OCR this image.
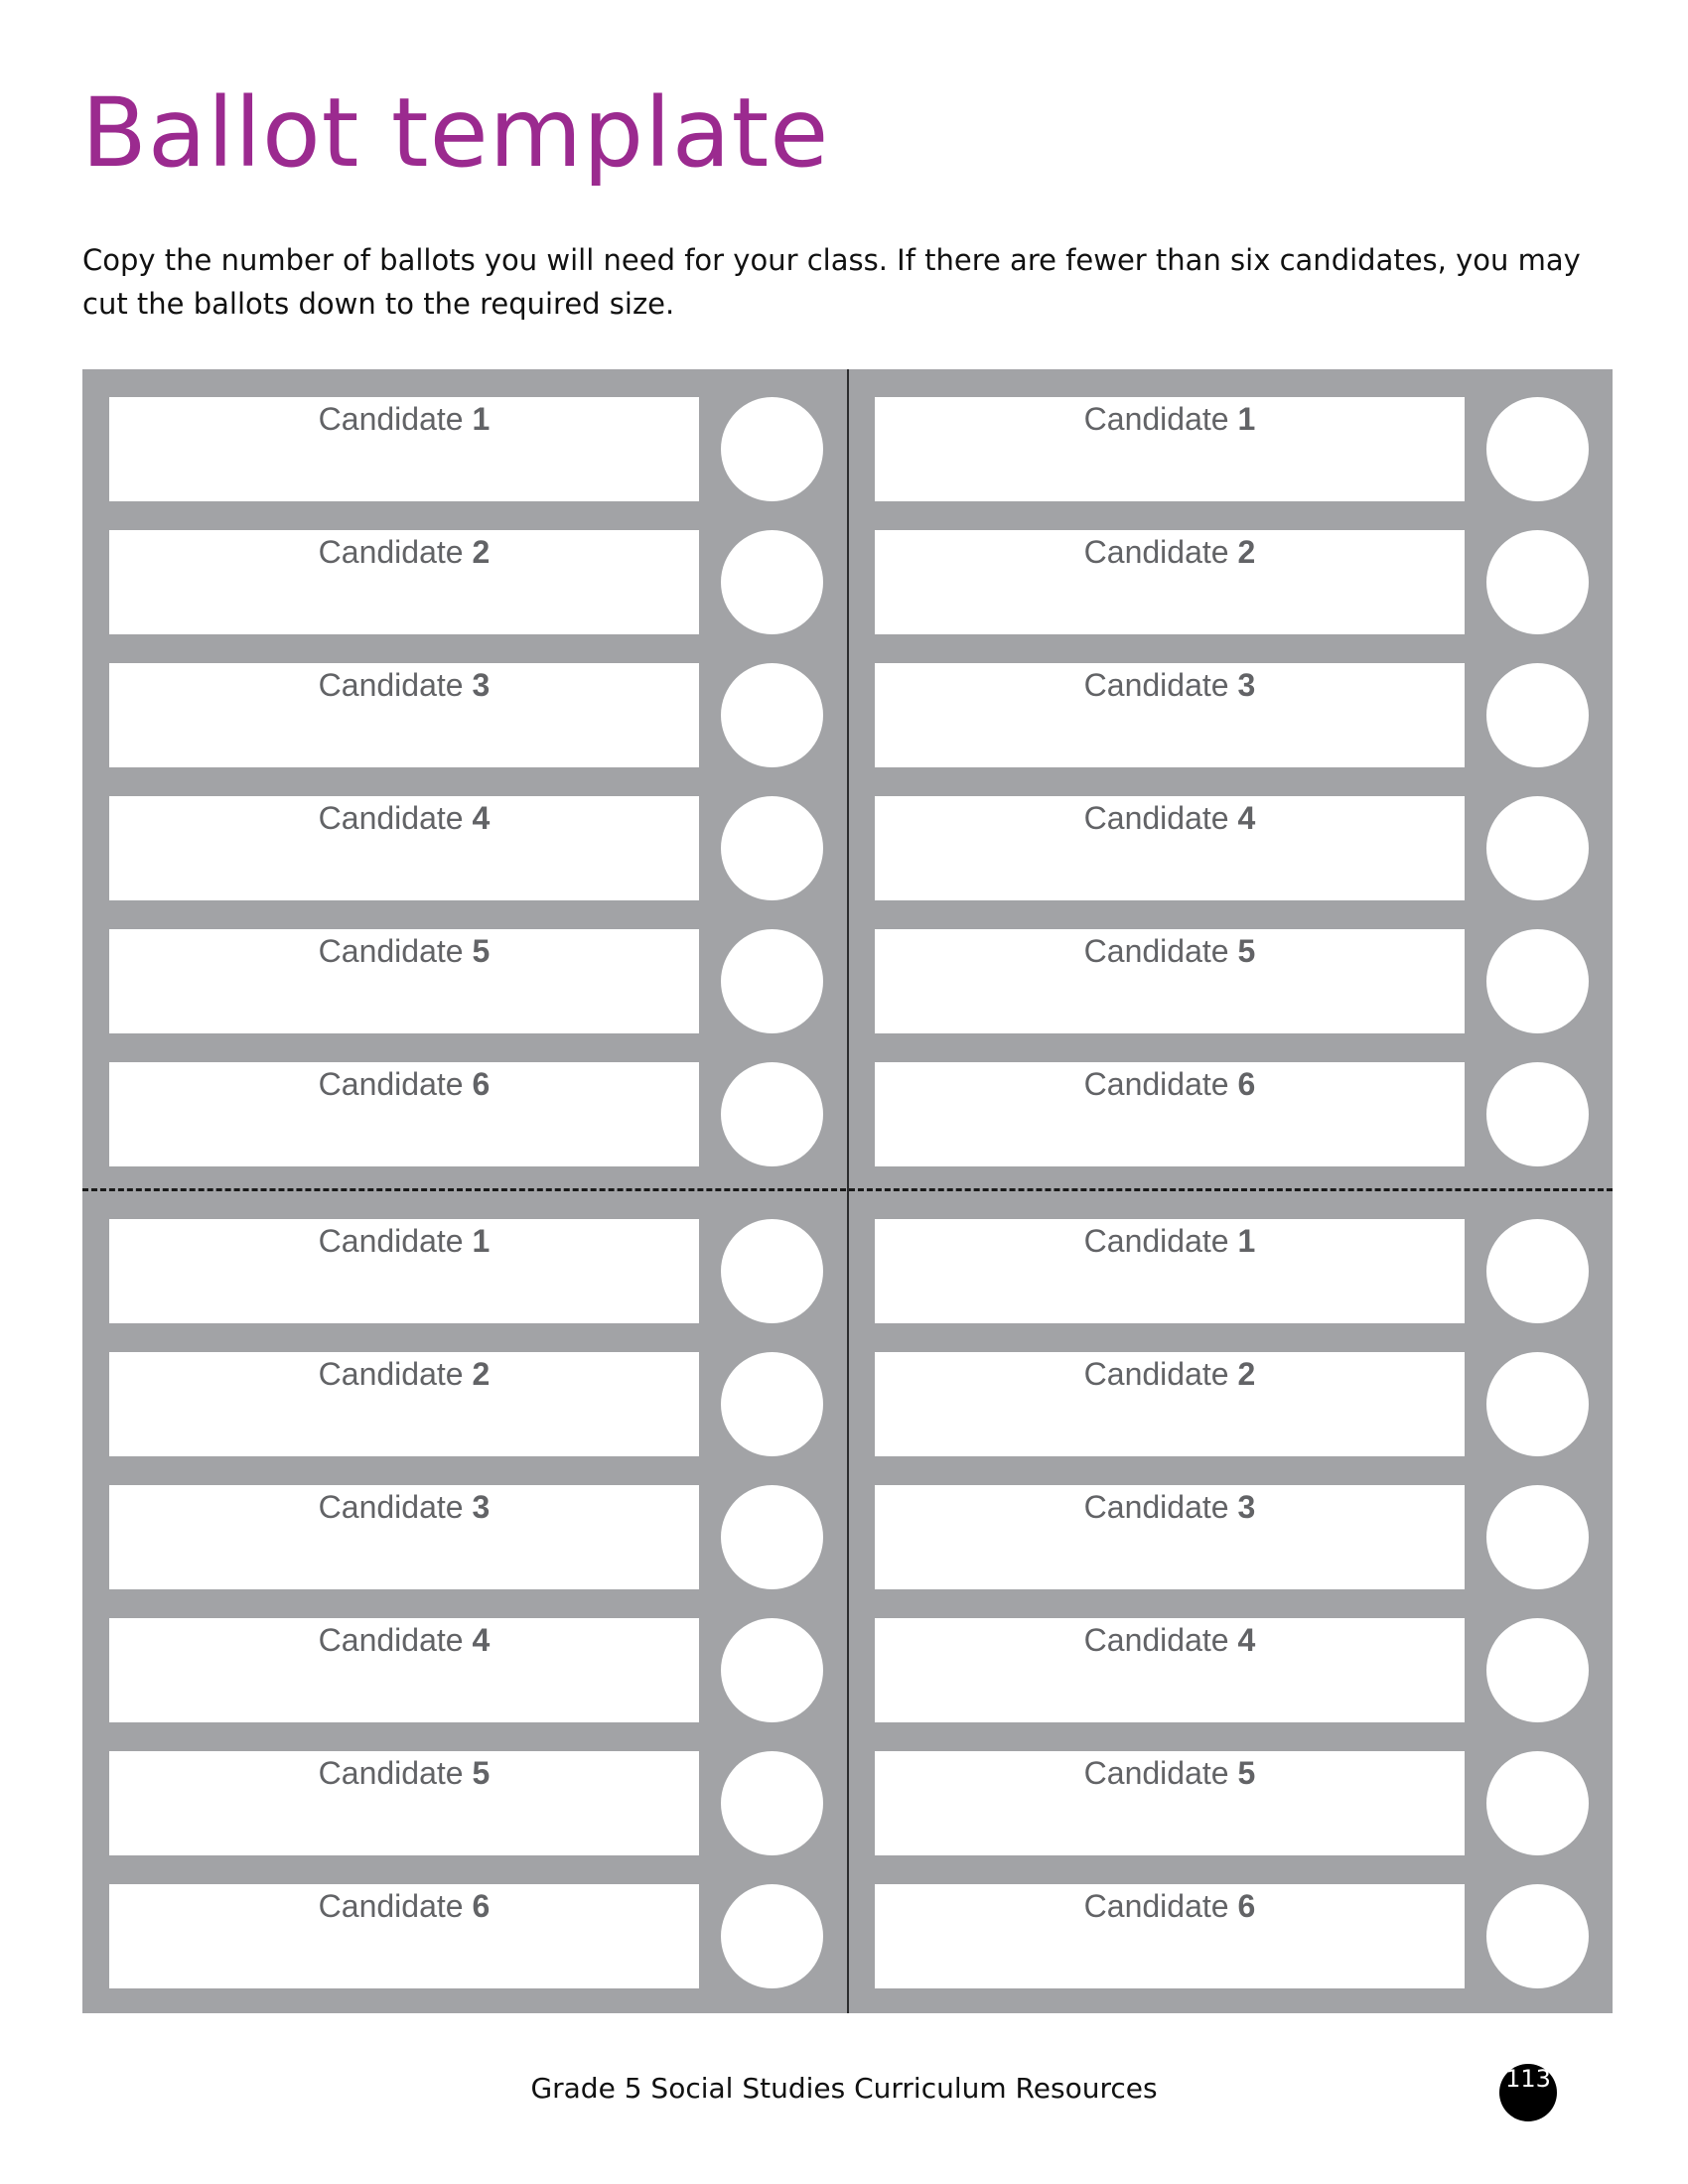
Ballot template

Copy the number of ballots you will need for your class. If there are fewer than six candidates, you may cut the ballots down to the required size.

Candidate 1
Candidate 2
Candidate 3
Candidate 4
Candidate 5
Candidate 6
Candidate 1
Candidate 2
Candidate 3
Candidate 4
Candidate 5
Candidate 6
Candidate 1
Candidate 2
Candidate 3
Candidate 4
Candidate 5
Candidate 6
Candidate 1
Candidate 2
Candidate 3
Candidate 4
Candidate 5
Candidate 6
Grade 5 Social Studies Curriculum Resources	113
